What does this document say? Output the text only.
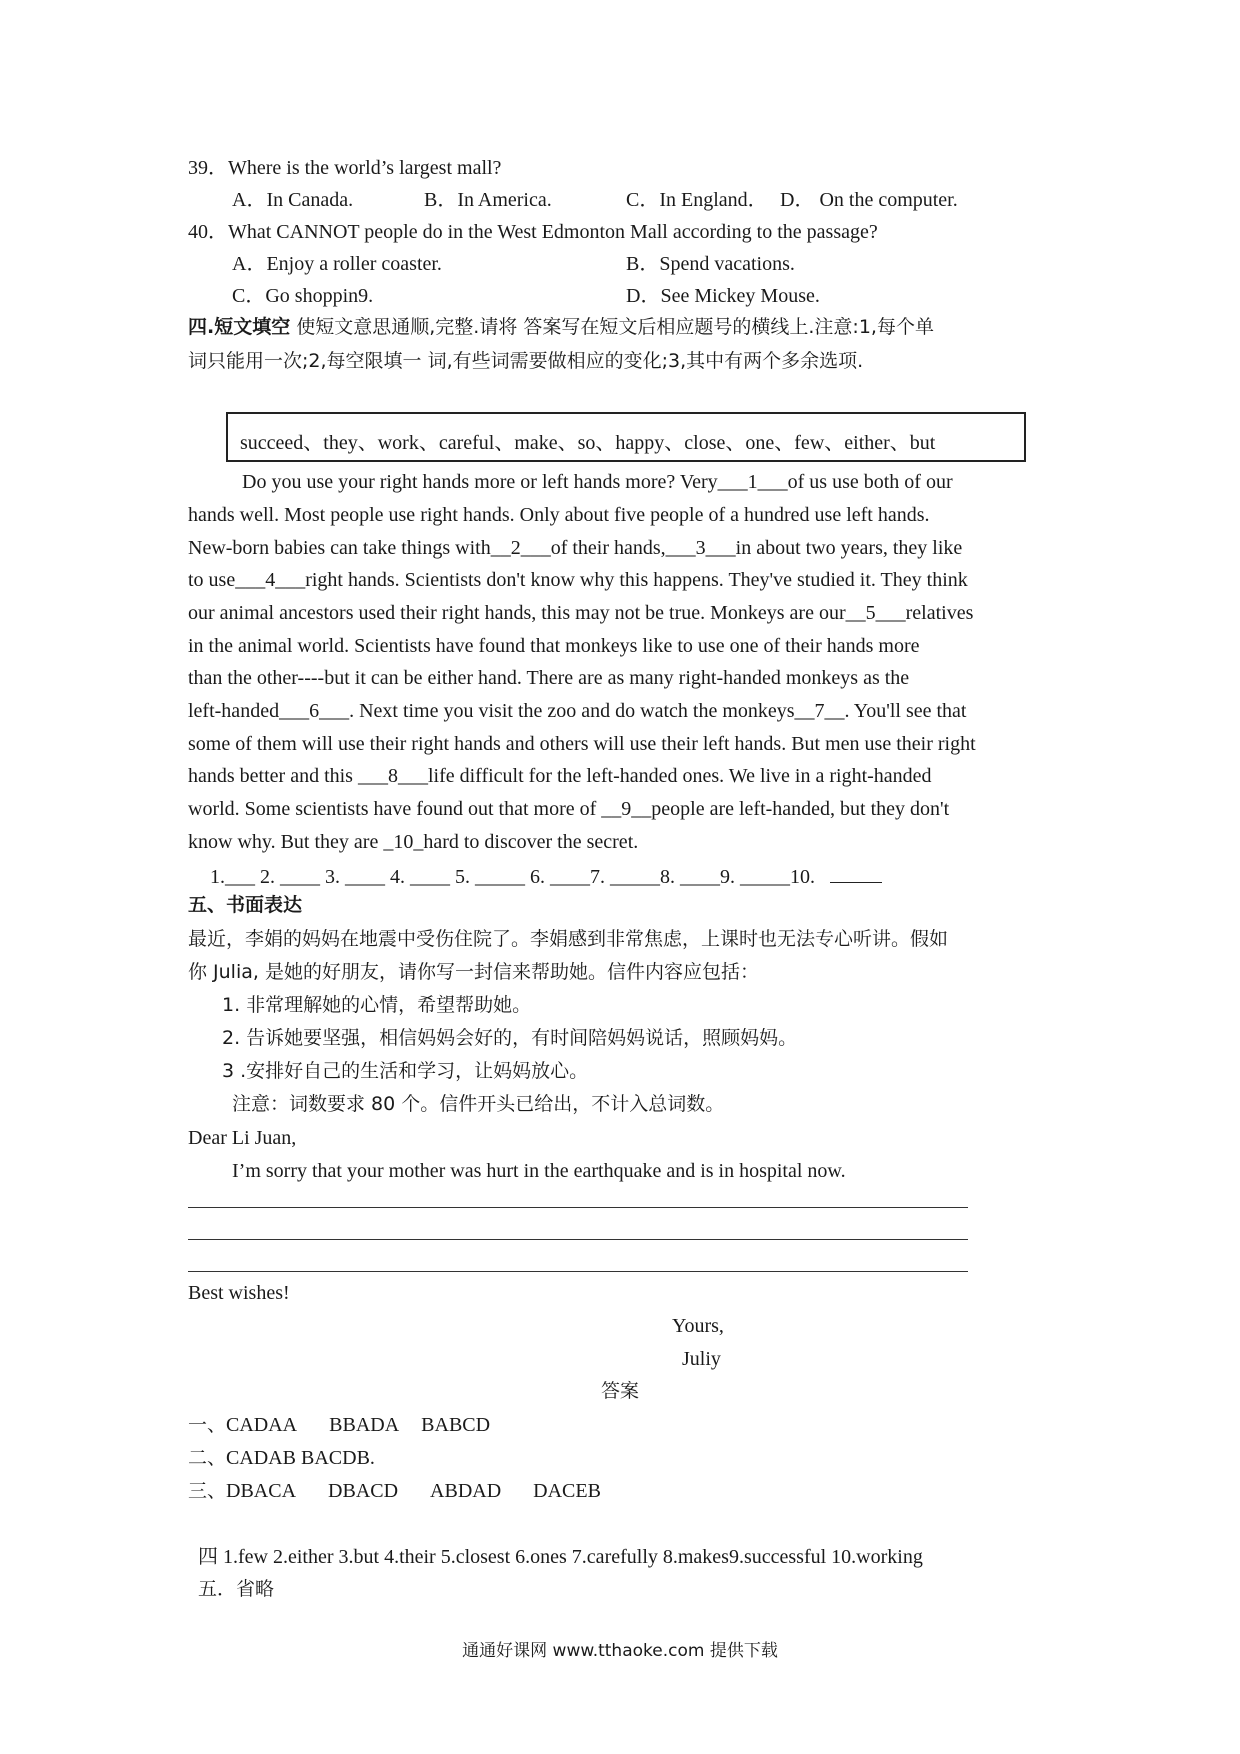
39．Where is the world’s largest mall?
A．In Canada.	B．In America.	C．In England． D． On the computer.
40．What CANNOT people do in the West Edmonton Mall according to the passage?
A．Enjoy a roller coaster.	B．Spend vacations.
C．Go shoppin9.	D．See Mickey Mouse.
四.短文填空 使短文意思通顺,完整.请将 答案写在短文后相应题号的横线上.注意:1,每个单
词只能用一次;2,每空限填一 词,有些词需要做相应的变化;3,其中有两个多余选项.
succeed、they、work、careful、make、so、happy、close、one、few、either、but
Do you use your right hands more or left hands more? Very___1___of us use both of our
hands well. Most people use right hands. Only about five people of a hundred use left hands.
New-born babies can take things with__2___of their hands,___3___in about two years, they like
to use___4___right hands. Scientists don't know why this happens. They've studied it. They think
our animal ancestors used their right hands, this may not be true. Monkeys are our__5___relatives
in the animal world. Scientists have found that monkeys like to use one of their hands more
than the other----but it can be either hand. There are as many right-handed monkeys as the
left-handed___6___. Next time you visit the zoo and do watch the monkeys__7__. You'll see that
some of them will use their right hands and others will use their left hands. But men use their right
hands better and this ___8___life difficult for the left-handed ones. We live in a right-handed
world. Some scientists have found out that more of __9__people are left-handed, but they don't
know why. But they are _10_hard to discover the secret.
1.___ 2. ____ 3. ____ 4. ____ 5. _____ 6. ____7. _____8. ____9. _____10.
五、书面表达
最近，李娟的妈妈在地震中受伤住院了。李娟感到非常焦虑，上课时也无法专心听讲。假如
你 Julia, 是她的好朋友，请你写一封信来帮助她。信件内容应包括：
1. 非常理解她的心情，希望帮助她。
2. 告诉她要坚强，相信妈妈会好的，有时间陪妈妈说话，照顾妈妈。
3 .安排好自己的生活和学习，让妈妈放心。
注意：词数要求 80 个。信件开头已给出，不计入总词数。
Dear Li Juan,
I’m sorry that your mother was hurt in the earthquake and is in hospital now.
Best wishes!
Yours,
Juliy
答案
一、CADAA BBADA BABCD
二、CADAB BACDB.
三、DBACA DBACD ABDAD DACEB
四 1.few 2.either 3.but 4.their 5.closest 6.ones 7.carefully 8.makes9.successful 10.working
五．省略
通通好课网 www.tthaoke.com 提供下载
